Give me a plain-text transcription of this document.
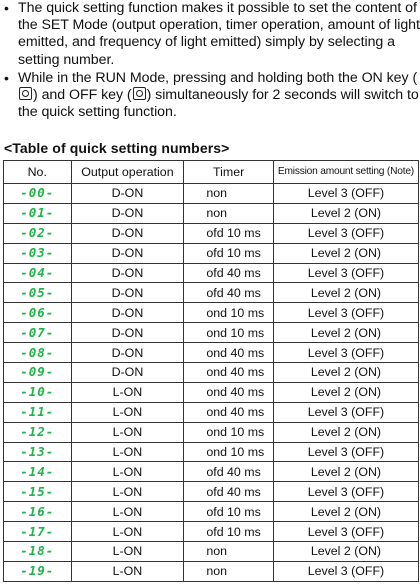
• The quick setting function makes it possible to set the content of the SET Mode (output operation, timer operation, amount of light emitted, and frequency of light emitted) simply by selecting a setting number.

• While in the RUN Mode, pressing and holding both the ON key () and OFF key ( ) simultaneously for 2 seconds will switch to the quick setting function.

<Table of quick setting numbers>
No.	Output operation	Timer	Emission amount setting (Note)
-00-	D-ON	non	Level 3 (OFF)
-01-	D-ON	non	Level 2 (ON)
-02-	D-ON	ofd 10 ms	Level 3 (OFF)
-03-	D-ON	ofd 10 ms	Level 2 (ON)
-04-	D-ON	ofd 40 ms	Level 3 (OFF)
-05-	D-ON	ofd 40 ms	Level 2 (ON)
-06-	D-ON	ond 10 ms	Level 3 (OFF)
-07-	D-ON	ond 10 ms	Level 2 (ON)
-08-	D-ON	ond 40 ms	Level 3 (OFF)
-09-	D-ON	ond 40 ms	Level 2 (ON)
-10-	L-ON	ond 40 ms	Level 2 (ON)
-11-	L-ON	ond 40 ms	Level 3 (OFF)
-12-	L-ON	ond 10 ms	Level 2 (ON)
-13-	L-ON	ond 10 ms	Level 3 (OFF)
-14-	L-ON	ofd 40 ms	Level 2 (ON)
-15-	L-ON	ofd 40 ms	Level 3 (OFF)
-16-	L-ON	ofd 10 ms	Level 2 (ON)
-17-	L-ON	ofd 10 ms	Level 3 (OFF)
-18-	L-ON	non	Level 2 (ON)
-19-	L-ON	non	Level 3 (OFF)
